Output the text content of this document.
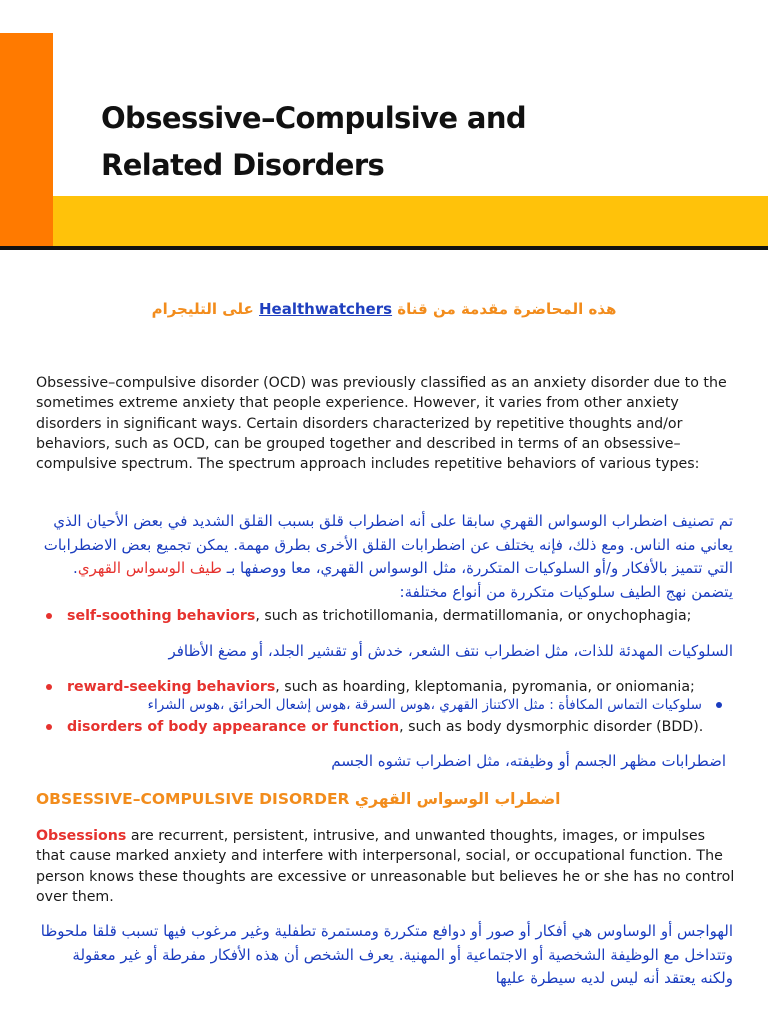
Obsessive–Compulsive and
Related Disorders
هذه المحاضرة مقدمة من قناة Healthwatchers على التليجرام
Obsessive–compulsive disorder (OCD) was previously classified as an anxiety disorder due to the sometimes extreme anxiety that people experience. However, it varies from other anxiety disorders in significant ways. Certain disorders characterized by repetitive thoughts and/or behaviors, such as OCD, can be grouped together and described in terms of an obsessive–compulsive spectrum. The spectrum approach includes repetitive behaviors of various types:
تم تصنيف اضطراب الوسواس القهري سابقا على أنه اضطراب قلق بسبب القلق الشديد في بعض الأحيان الذي يعاني منه الناس. ومع ذلك، فإنه يختلف عن اضطرابات القلق الأخرى بطرق مهمة. يمكن تجميع بعض الاضطرابات التي تتميز بالأفكار و/أو السلوكيات المتكررة، مثل الوسواس القهري، معا ووصفها بـ طيف الوسواس القهري. يتضمن نهج الطيف سلوكيات متكررة من أنواع مختلفة:
self-soothing behaviors, such as trichotillomania, dermatillomania, or onychophagia;
السلوكيات المهدئة للذات، مثل اضطراب نتف الشعر، خدش أو تقشير الجلد، أو مضغ الأظافر
reward-seeking behaviors, such as hoarding, kleptomania, pyromania, or oniomania;
سلوكيات التماس المكافأة : مثل الاكتناز القهري ،هوس السرقة ،هوس إشعال الحرائق ،هوس الشراء
disorders of body appearance or function, such as body dysmorphic disorder (BDD).
اضطرابات مظهر الجسم أو وظيفته، مثل اضطراب تشوه الجسم
OBSESSIVE–COMPULSIVE DISORDER اضطراب الوسواس القهري
Obsessions are recurrent, persistent, intrusive, and unwanted thoughts, images, or impulses that cause marked anxiety and interfere with interpersonal, social, or occupational function. The person knows these thoughts are excessive or unreasonable but believes he or she has no control over them.
الهواجس أو الوساوس هي أفكار أو صور أو دوافع متكررة ومستمرة تطفلية وغير مرغوب فيها تسبب قلقا ملحوظا وتتداخل مع الوظيفة الشخصية أو الاجتماعية أو المهنية. يعرف الشخص أن هذه الأفكار مفرطة أو غير معقولة ولكنه يعتقد أنه ليس لديه سيطرة عليها
